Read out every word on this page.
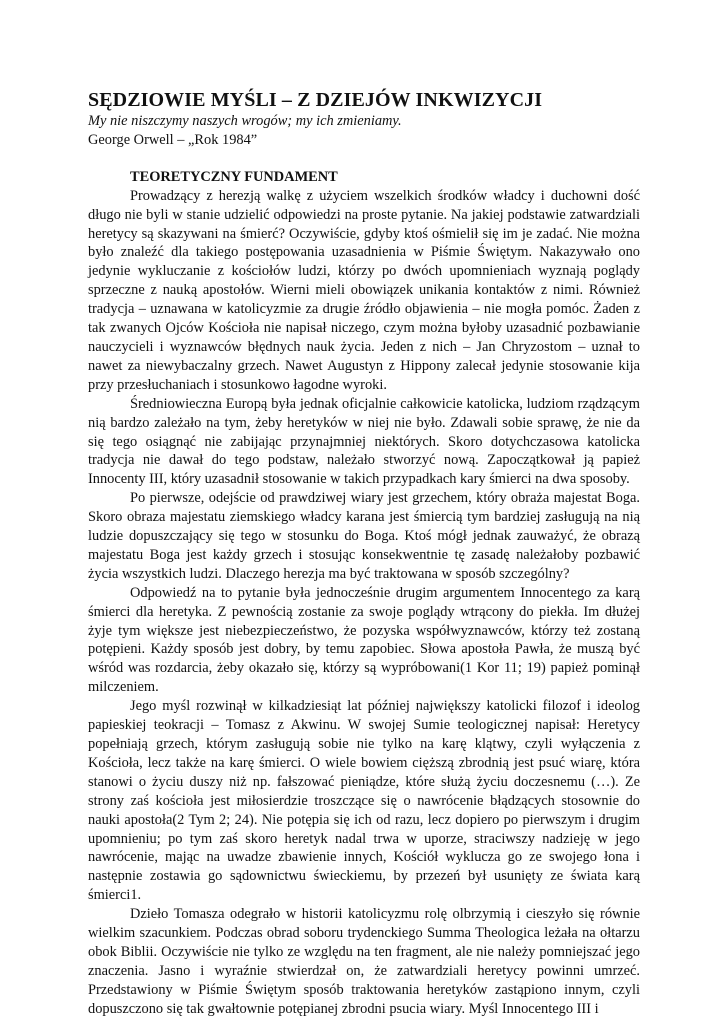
SĘDZIOWIE MYŚLI – Z DZIEJÓW INKWIZYCJI
My nie niszczymy naszych wrogów; my ich zmieniamy.
George Orwell – „Rok 1984”
TEORETYCZNY FUNDAMENT

Prowadzący z herezją walkę z użyciem wszelkich środków władcy i duchowni dość długo nie byli w stanie udzielić odpowiedzi na proste pytanie. Na jakiej podstawie zatwardziali heretycy są skazywani na śmierć? Oczywiście, gdyby ktoś ośmielił się im je zadać. Nie można było znaleźć dla takiego postępowania uzasadnienia w Piśmie Świętym. Nakazywało ono jedynie wykluczanie z kościołów ludzi, którzy po dwóch upomnieniach wyznają poglądy sprzeczne z nauką apostołów. Wierni mieli obowiązek unikania kontaktów z nimi. Również tradycja – uznawana w katolicyzmie za drugie źródło objawienia – nie mogła pomóc. Żaden z tak zwanych Ojców Kościoła nie napisał niczego, czym można byłoby uzasadnić pozbawianie nauczycieli i wyznawców błędnych nauk życia. Jeden z nich – Jan Chryzostom – uznał to nawet za niewybaczalny grzech. Nawet Augustyn z Hippony zalecał jedynie stosowanie kija przy przesłuchaniach i stosunkowo łagodne wyroki.

Średniowieczna Europą była jednak oficjalnie całkowicie katolicka, ludziom rządzącym nią bardzo zależało na tym, żeby heretyków w niej nie było. Zdawali sobie sprawę, że nie da się tego osiągnąć nie zabijając przynajmniej niektórych. Skoro dotychczasowa katolicka tradycja nie dawał do tego podstaw, należało stworzyć nową. Zapoczątkował ją papież Innocenty III, który uzasadnił stosowanie w takich przypadkach kary śmierci na dwa sposoby.

Po pierwsze, odejście od prawdziwej wiary jest grzechem, który obraża majestat Boga. Skoro obraza majestatu ziemskiego władcy karana jest śmiercią tym bardziej zasługują na nią ludzie dopuszczający się tego w stosunku do Boga. Ktoś mógł jednak zauważyć, że obrazą majestatu Boga jest każdy grzech i stosując konsekwentnie tę zasadę należałoby pozbawić życia wszystkich ludzi. Dlaczego herezja ma być traktowana w sposób szczególny?

Odpowiedź na to pytanie była jednocześnie drugim argumentem Innocentego za karą śmierci dla heretyka. Z pewnością zostanie za swoje poglądy wtrącony do piekła. Im dłużej żyje tym większe jest niebezpieczeństwo, że pozyska współwyznawców, którzy też zostaną potępieni. Każdy sposób jest dobry, by temu zapobiec. Słowa apostoła Pawła, że muszą być wśród was rozdarcia, żeby okazało się, którzy są wypróbowani(1 Kor 11; 19) papież pominął milczeniem.

Jego myśl rozwinął w kilkadziesiąt lat później największy katolicki filozof i ideolog papieskiej teokracji – Tomasz z Akwinu. W swojej Sumie teologicznej napisał: Heretycy popełniają grzech, którym zasługują sobie nie tylko na karę klątwy, czyli wyłączenia z Kościoła, lecz także na karę śmierci. O wiele bowiem cięższą zbrodnią jest psuć wiarę, która stanowi o życiu duszy niż np. fałszować pieniądze, które służą życiu doczesnemu (…). Ze strony zaś kościoła jest miłosierdzie troszczące się o nawrócenie błądzących stosownie do nauki apostoła(2 Tym 2; 24). Nie potępia się ich od razu, lecz dopiero po pierwszym i drugim upomnieniu; po tym zaś skoro heretyk nadal trwa w uporze, straciwszy nadzieję w jego nawrócenie, mając na uwadze zbawienie innych, Kościół wyklucza go ze swojego łona i następnie zostawia go sądownictwu świeckiemu, by przezeń był usunięty ze świata karą śmierci1.

Dzieło Tomasza odegrało w historii katolicyzmu rolę olbrzymią i cieszyło się równie wielkim szacunkiem. Podczas obrad soboru trydenckiego Summa Theologica leżała na ołtarzu obok Biblii. Oczywiście nie tylko ze względu na ten fragment, ale nie należy pomniejszać jego znaczenia. Jasno i wyraźnie stwierdzał on, że zatwardziali heretycy powinni umrzeć. Przedstawiony w Piśmie Świętym sposób traktowania heretyków zastąpiono innym, czyli dopuszczono się tak gwałtownie potępianej zbrodni psucia wiary. Myśl Innocentego III i
